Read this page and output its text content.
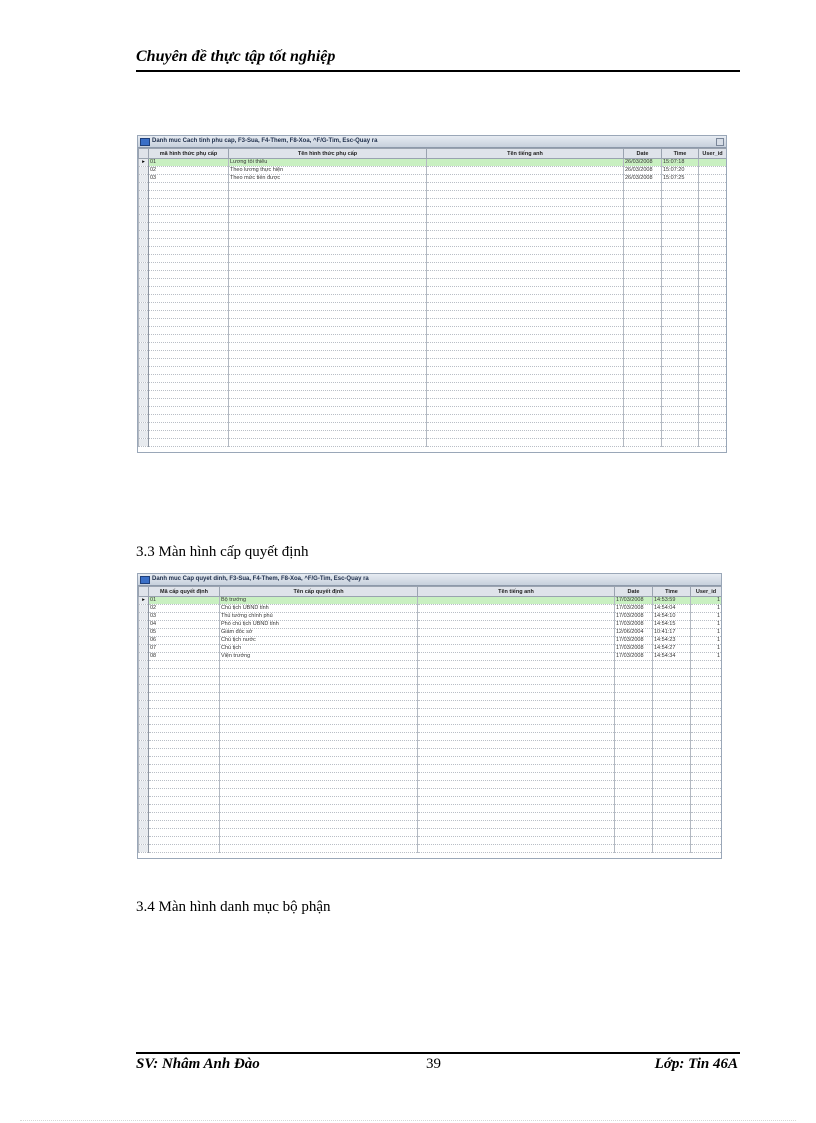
Chuyên đề thực tập tốt nghiệp
Danh muc Cach tinh phu cap, F3-Sua, F4-Them, F8-Xoa, ^F/G-Tim, Esc-Quay ra
	mã hình thức phụ cấp	Tên hình thức phụ cấp	Tên tiếng anh	Date	Time	User_id
▸	01	Lương tối thiểu		26/03/2008	15:07:18	
	02	Theo lương thực hiện		26/03/2008	15:07:20	
	03	Theo mức tiền được		26/03/2008	15:07:25	

3.3 Màn hình cấp quyết định
Danh muc Cap quyet dinh, F3-Sua, F4-Them, F8-Xoa, ^F/G-Tim, Esc-Quay ra
	Mã cấp quyết định	Tên cấp quyết định	Tên tiếng anh	Date	Time	User_id
▸	01	Bộ trưởng		17/03/2008	14:53:59	1
	02	Chủ tịch UBND tỉnh		17/03/2008	14:54:04	1
	03	Thủ tướng chính phủ		17/03/2008	14:54:10	1
	04	Phó chủ tịch UBND tỉnh		17/03/2008	14:54:15	1
	05	Giám đốc sở		12/06/2004	10:41:17	1
	06	Chủ tịch nước		17/03/2008	14:54:23	1
	07	Chủ tịch		17/03/2008	14:54:27	1
	08	Viện trưởng		17/03/2008	14:54:34	1

3.4 Màn hình danh mục bộ phận
SV: Nhâm Anh Đào	39	Lớp: Tin 46A
